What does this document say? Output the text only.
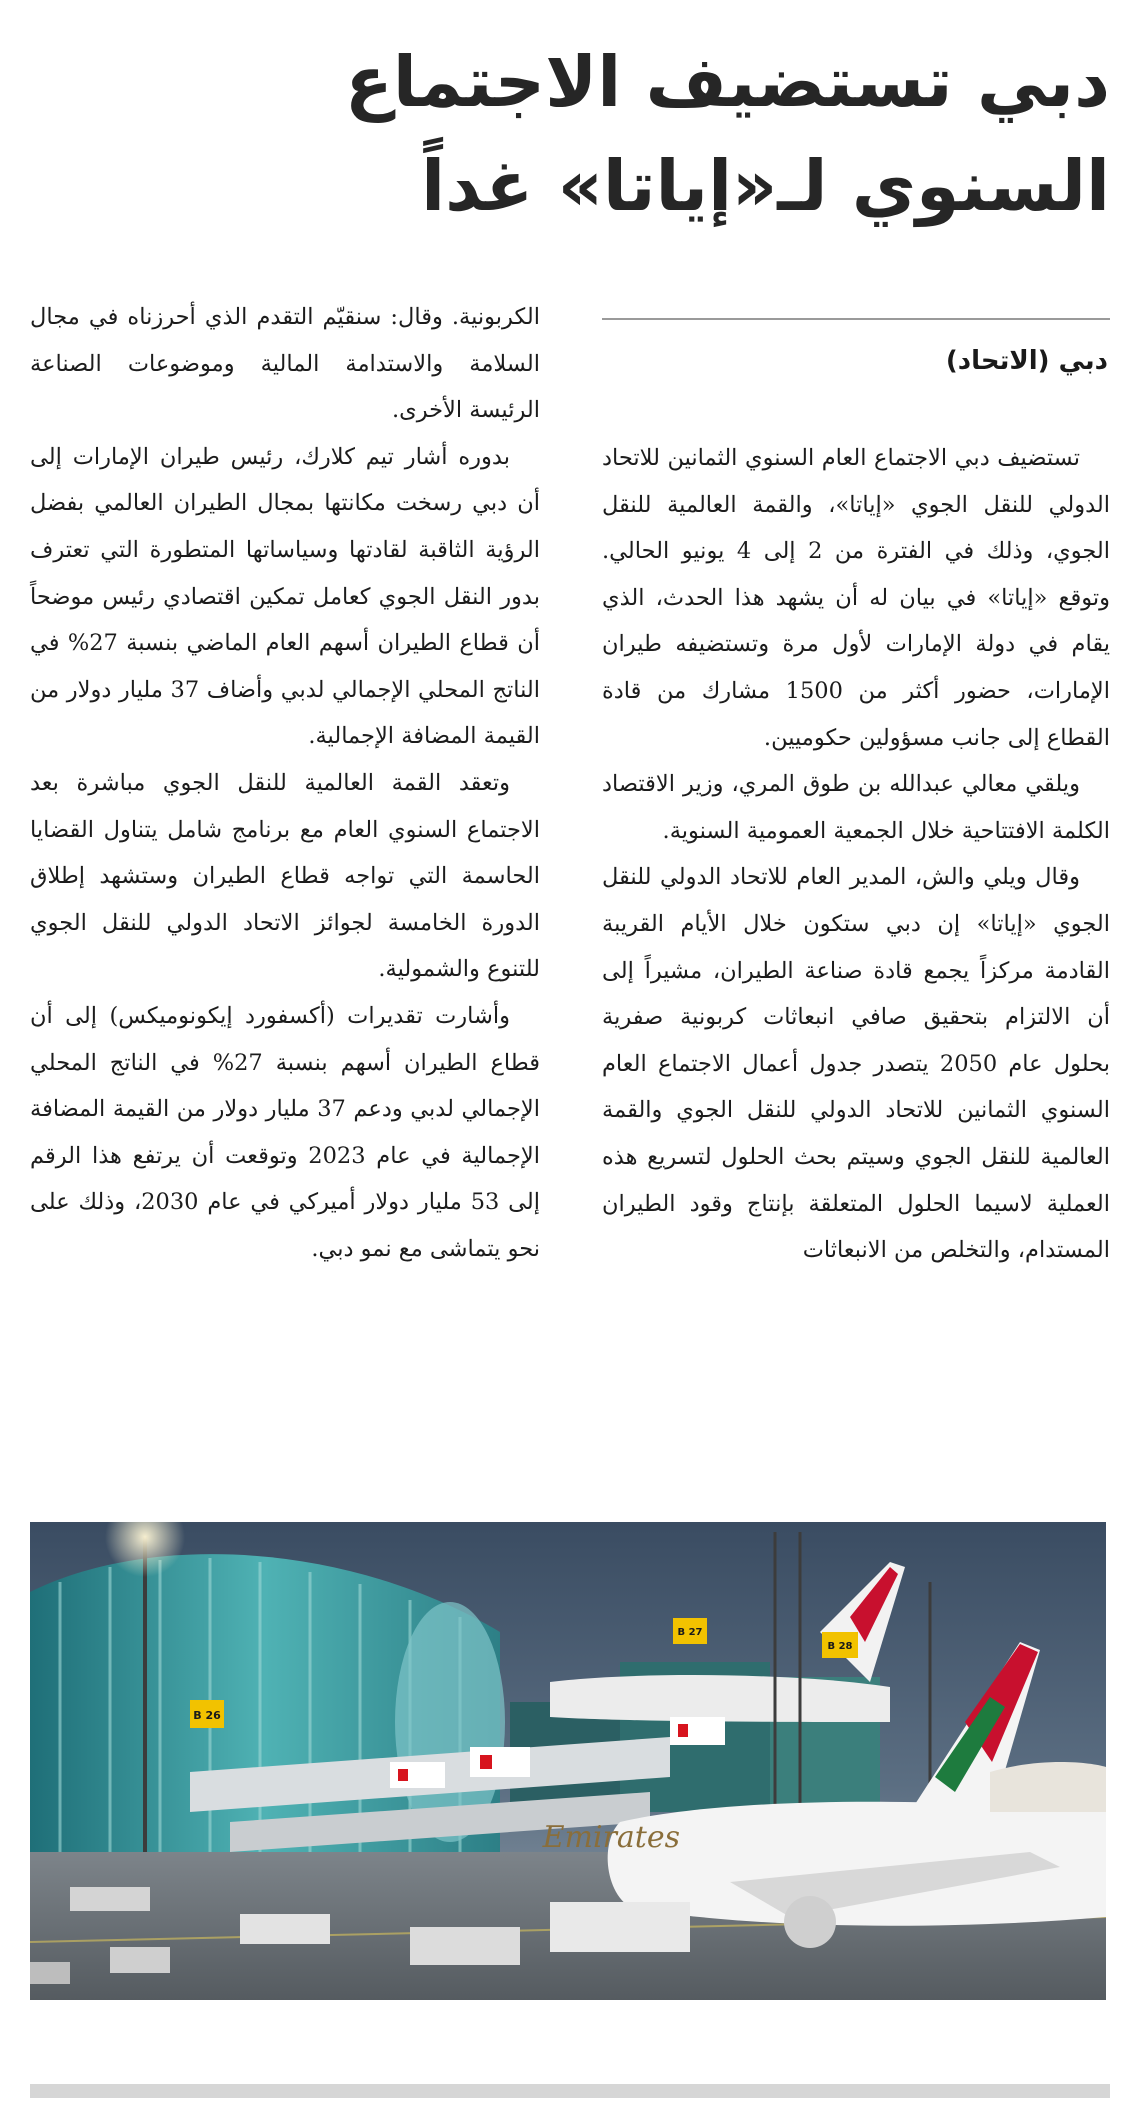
دبي تستضيف الاجتماع
السنوي لـ«إياتا» غداً

دبي (الاتحاد)

تستضيف دبي الاجتماع العام السنوي الثمانين للاتحاد الدولي للنقل الجوي «إياتا»، والقمة العالمية للنقل الجوي، وذلك في الفترة من 2 إلى 4 يونيو الحالي. وتوقع «إياتا» في بيان له أن يشهد هذا الحدث، الذي يقام في دولة الإمارات لأول مرة وتستضيفه طيران الإمارات، حضور أكثر من 1500 مشارك من قادة القطاع إلى جانب مسؤولين حكوميين.

ويلقي معالي عبدالله بن طوق المري، وزير الاقتصاد الكلمة الافتتاحية خلال الجمعية العمومية السنوية.

وقال ويلي والش، المدير العام للاتحاد الدولي للنقل الجوي «إياتا» إن دبي ستكون خلال الأيام القريبة القادمة مركزاً يجمع قادة صناعة الطيران، مشيراً إلى أن الالتزام بتحقيق صافي انبعاثات كربونية صفرية بحلول عام 2050 يتصدر جدول أعمال الاجتماع العام السنوي الثمانين للاتحاد الدولي للنقل الجوي والقمة العالمية للنقل الجوي وسيتم بحث الحلول لتسريع هذه العملية لاسيما الحلول المتعلقة بإنتاج وقود الطيران المستدام، والتخلص من الانبعاثات

الكربونية. وقال: سنقيّم التقدم الذي أحرزناه في مجال السلامة والاستدامة المالية وموضوعات الصناعة الرئيسة الأخرى.

بدوره أشار تيم كلارك، رئيس طيران الإمارات إلى أن دبي رسخت مكانتها بمجال الطيران العالمي بفضل الرؤية الثاقبة لقادتها وسياساتها المتطورة التي تعترف بدور النقل الجوي كعامل تمكين اقتصادي رئيس موضحاً أن قطاع الطيران أسهم العام الماضي بنسبة 27% في الناتج المحلي الإجمالي لدبي وأضاف 37 مليار دولار من القيمة المضافة الإجمالية.

وتعقد القمة العالمية للنقل الجوي مباشرة بعد الاجتماع السنوي العام مع برنامج شامل يتناول القضايا الحاسمة التي تواجه قطاع الطيران وستشهد إطلاق الدورة الخامسة لجوائز الاتحاد الدولي للنقل الجوي للتنوع والشمولية.

وأشارت تقديرات (أكسفورد إيكونوميكس) إلى أن قطاع الطيران أسهم بنسبة 27% في الناتج المحلي الإجمالي لدبي ودعم 37 مليار دولار من القيمة المضافة الإجمالية في عام 2023 وتوقعت أن يرتفع هذا الرقم إلى 53 مليار دولار أميركي في عام 2030، وذلك على نحو يتماشى مع نمو دبي.

B 26
B 27
B 28
Emirates
